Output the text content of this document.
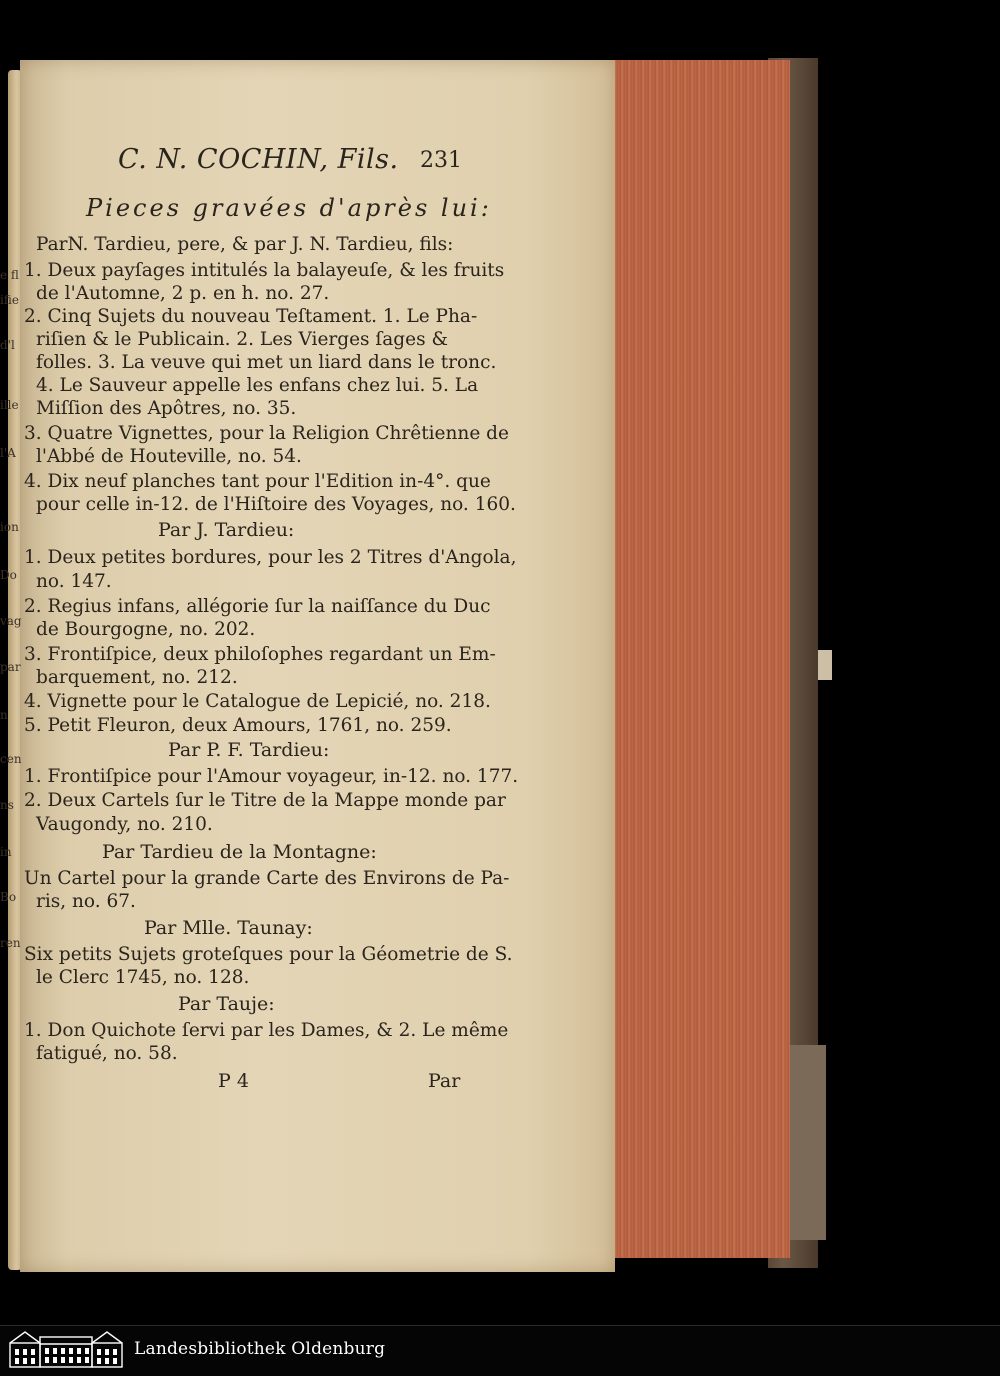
C. N. COCHIN, Fils. 231
Pieces gravées d'après lui:
ParN. Tardieu, pere, & par J. N. Tardieu, fils:
1. Deux payſages intitulés la balayeuſe, & les fruits
de l'Automne, 2 p. en h. no. 27.
2. Cinq Sujets du nouveau Teſtament. 1. Le Pha-
riſien & le Publicain. 2. Les Vierges ſages &
folles. 3. La veuve qui met un liard dans le tronc.
4. Le Sauveur appelle les enfans chez lui. 5. La
Miſſion des Apôtres, no. 35.
3. Quatre Vignettes, pour la Religion Chrêtienne de
l'Abbé de Houteville, no. 54.
4. Dix neuf planches tant pour l'Edition in-4°. que
pour celle in-12. de l'Hiſtoire des Voyages, no. 160.
Par J. Tardieu:
1. Deux petites bordures, pour les 2 Titres d'Angola,
no. 147.
2. Regius infans, allégorie ſur la naiſſance du Duc
de Bourgogne, no. 202.
3. Frontiſpice, deux philoſophes regardant un Em-
barquement, no. 212.
4. Vignette pour le Catalogue de Lepicié, no. 218.
5. Petit Fleuron, deux Amours, 1761, no. 259.
Par P. F. Tardieu:
1. Frontiſpice pour l'Amour voyageur, in-12. no. 177.
2. Deux Cartels ſur le Titre de la Mappe monde par
Vaugondy, no. 210.
Par Tardieu de la Montagne:
Un Cartel pour la grande Carte des Environs de Pa-
ris, no. 67.
Par Mlle. Taunay:
Six petits Sujets groteſques pour la Géometrie de S.
le Clerc 1745, no. 128.
Par Tauje:
1. Don Quichote ſervi par les Dames, & 2. Le même
fatigué, no. 58.
P 4	Par
e fl
ifie
d'l
ille
l'A
ion
Do
vag
par
n
cen
ns
in
Bo
ren
Landesbibliothek Oldenburg
